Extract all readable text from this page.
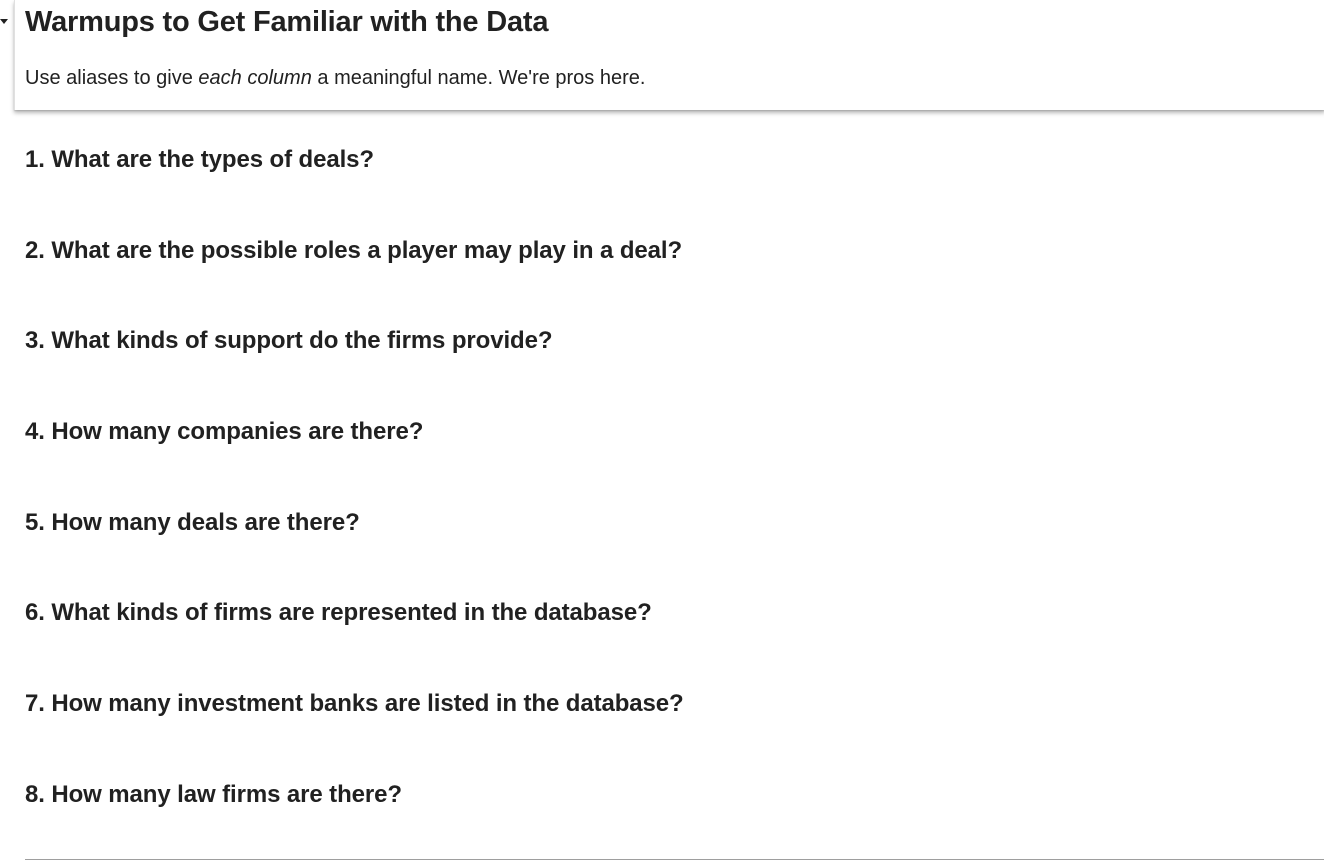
Warmups to Get Familiar with the Data

Use aliases to give each column a meaningful name. We're pros here.

1. What are the types of deals?
2. What are the possible roles a player may play in a deal?
3. What kinds of support do the firms provide?
4. How many companies are there?
5. How many deals are there?
6. What kinds of firms are represented in the database?
7. How many investment banks are listed in the database?
8. How many law firms are there?
